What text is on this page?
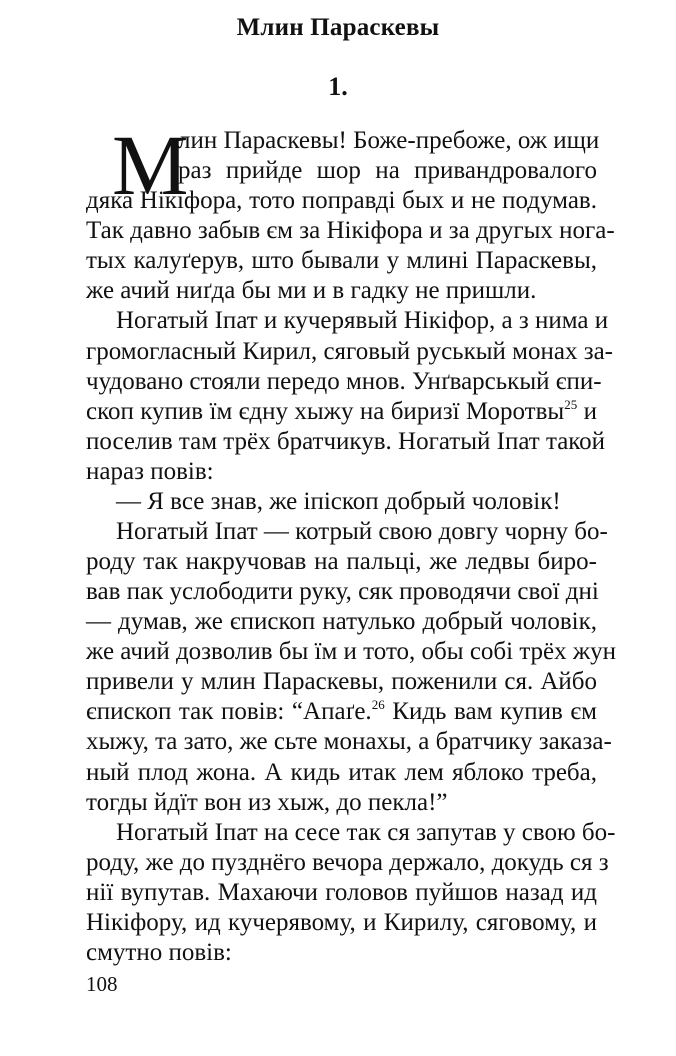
Млин Параскевы
1.
М
лин Параскевы! Боже-пребоже, ож ищи
раз прийде шор на привандровалого
дяка Нікіфора, тото поправді бых и не подумав.
Так давно забыв єм за Нікіфора и за другых нога-
тых калуґерув, што бывали у млині Параскевы,
же ачий ниґда бы ми и в гадку не пришли.
Ногатый Іпат и кучерявый Нікіфор, а з нима и
громогласный Кирил, сяговый руськый монах за-
чудовано стояли передо мнов. Унґварськый єпи-
скоп купив їм єдну хыжу на биризї Моротвы$^{25}$ и
поселив там трёх братчикув. Ногатый Іпат такой
нараз повів:
— Я все знав, же іпіскоп добрый чоловік!
Ногатый Іпат — котрый свою довгу чорну бо-
роду так накручовав на пальці, же ледвы биро-
вав пак услободити руку, сяк проводячи свої дні
— думав, же єпископ натулько добрый чоловік,
же ачий дозволив бы їм и тото, обы собі трёх жун
привели у млин Параскевы, поженили ся. Айбо
єпископ так повів: “Апаґе.$^{26}$ Кидь вам купив єм
хыжу, та зато, же сьте монахы, а братчику заказа-
ный плод жона. А кидь итак лем яблоко треба,
тогды йдїт вон из хыж, до пекла!”
Ногатый Іпат на сесе так ся запутав у свою бо-
роду, же до пузднёго вечора держало, докудь ся з
нії вупутав. Махаючи головов пуйшов назад ид
Нікіфору, ид кучерявому, и Кирилу, сяговому, и
смутно повів:
108
